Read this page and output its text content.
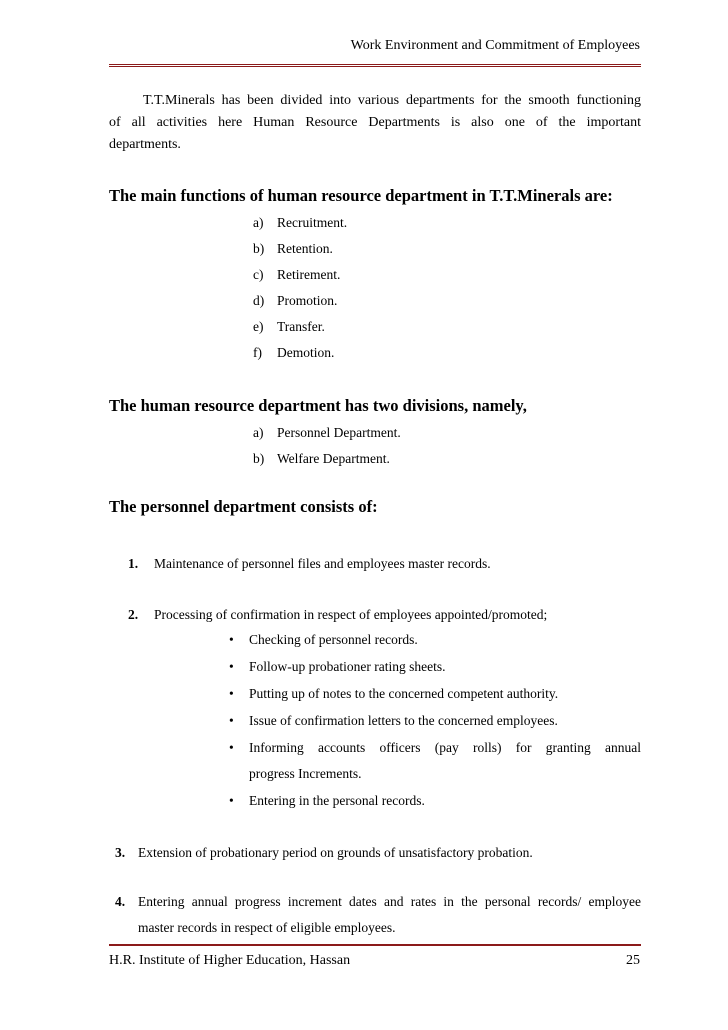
Work Environment and Commitment of Employees
T.T.Minerals has been divided into various departments for the smooth functioning
of all activities here Human Resource Departments is also one of the important
departments.
The main functions of human resource department in T.T.Minerals are:
a) Recruitment.
b) Retention.
c) Retirement.
d) Promotion.
e) Transfer.
f) Demotion.
The human resource department has two divisions, namely,
a) Personnel Department.
b) Welfare Department.
The personnel department consists of:
1. Maintenance of personnel files and employees master records.
2. Processing of confirmation in respect of employees appointed/promoted;
• Checking of personnel records.
• Follow-up probationer rating sheets.
• Putting up of notes to the concerned competent authority.
• Issue of confirmation letters to the concerned employees.
•	Informing accounts officers (pay rolls) for granting annual
progress Increments.
• Entering in the personal records.
3. Extension of probationary period on grounds of unsatisfactory probation.
4. Entering annual progress increment dates and rates in the personal records/ employee
master records in respect of eligible employees.
H.R. Institute of Higher Education, Hassan	25
